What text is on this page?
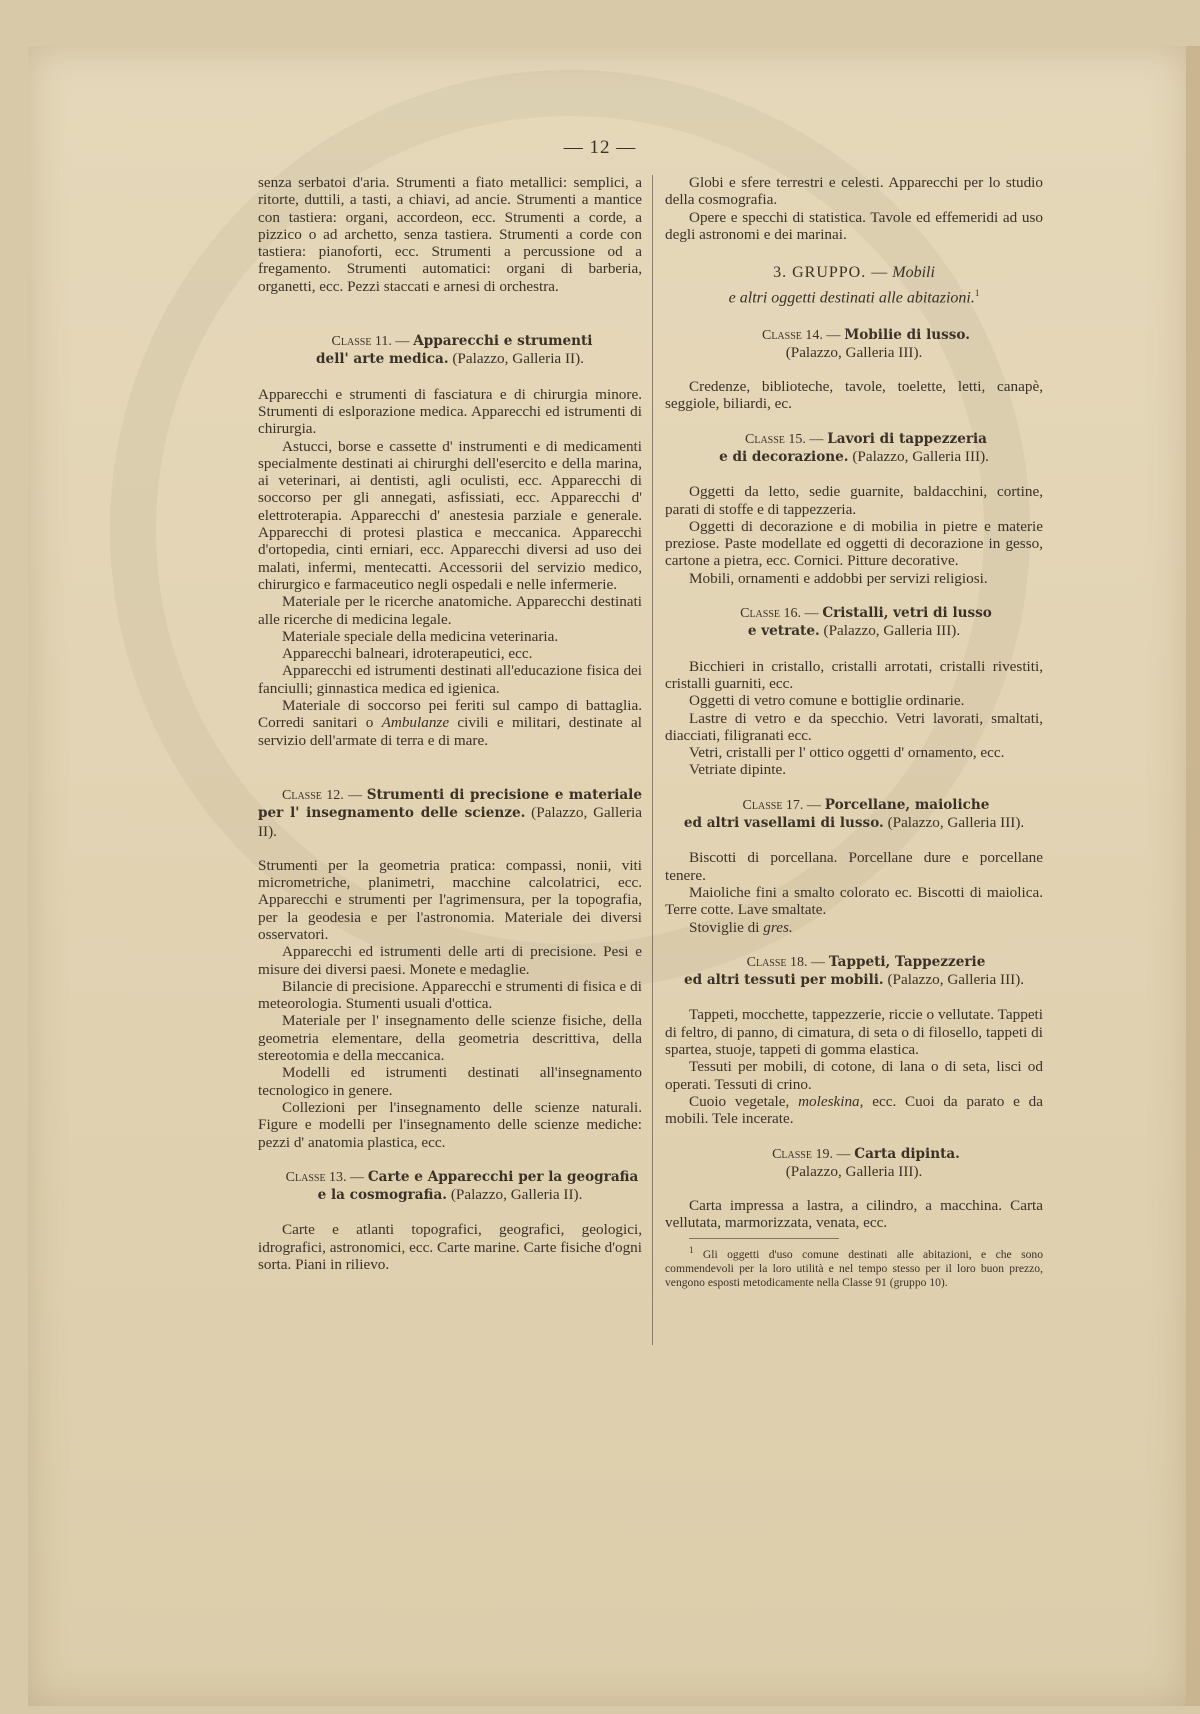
— 12 —

senza serbatoi d'aria. Strumenti a fiato metallici: semplici, a ritorte, duttili, a tasti, a chiavi, ad ancie. Strumenti a mantice con tastiera: organi, accordeon, ecc. Strumenti a corde, a pizzico o ad archetto, senza tastiera. Strumenti a corde con tastiera: pianoforti, ecc. Strumenti a percussione od a fregamento. Strumenti automatici: organi di barberia, organetti, ecc. Pezzi staccati e arnesi di orchestra.

Classe 11. — Apparecchi e strumenti
dell' arte medica. (Palazzo, Galleria II).

Apparecchi e strumenti di fasciatura e di chirurgia minore. Strumenti di eslporazione medica. Apparecchi ed istrumenti di chirurgia.

Astucci, borse e cassette d' instrumenti e di medicamenti specialmente destinati ai chirurghi dell'esercito e della marina, ai veterinari, ai dentisti, agli oculisti, ecc. Apparecchi di soccorso per gli annegati, asfissiati, ecc. Apparecchi d' elettroterapia. Apparecchi d' anestesia parziale e generale. Apparecchi di protesi plastica e meccanica. Apparecchi d'ortopedia, cinti erniari, ecc. Apparecchi diversi ad uso dei malati, infermi, mentecatti. Accessorii del servizio medico, chirurgico e farmaceutico negli ospedali e nelle infermerie.

Materiale per le ricerche anatomiche. Apparecchi destinati alle ricerche di medicina legale.

Materiale speciale della medicina veterinaria.

Apparecchi balneari, idroterapeutici, ecc.

Apparecchi ed istrumenti destinati all'educazione fisica dei fanciulli; ginnastica medica ed igienica.

Materiale di soccorso pei feriti sul campo di battaglia. Corredi sanitari o Ambulanze civili e militari, destinate al servizio dell'armate di terra e di mare.

Classe 12. — Strumenti di precisione e materiale per l' insegnamento delle scienze. (Palazzo, Galleria II).

Strumenti per la geometria pratica: compassi, nonii, viti micrometriche, planimetri, macchine calcolatrici, ecc. Apparecchi e strumenti per l'agrimensura, per la topografia, per la geodesia e per l'astronomia. Materiale dei diversi osservatori.

Apparecchi ed istrumenti delle arti di precisione. Pesi e misure dei diversi paesi. Monete e medaglie.

Bilancie di precisione. Apparecchi e strumenti di fisica e di meteorologia. Stumenti usuali d'ottica.

Materiale per l' insegnamento delle scienze fisiche, della geometria elementare, della geometria descrittiva, della stereotomia e della meccanica.

Modelli ed istrumenti destinati all'insegnamento tecnologico in genere.

Collezioni per l'insegnamento delle scienze naturali. Figure e modelli per l'insegnamento delle scienze mediche: pezzi d' anatomia plastica, ecc.

Classe 13. — Carte e Apparecchi per la geografia
e la cosmografia. (Palazzo, Galleria II).

Carte e atlanti topografici, geografici, geologici, idrografici, astronomici, ecc. Carte marine. Carte fisiche d'ogni sorta. Piani in rilievo.

Globi e sfere terrestri e celesti. Apparecchi per lo studio della cosmografia.

Opere e specchi di statistica. Tavole ed effemeridi ad uso degli astronomi e dei marinai.

3. GRUPPO. — Mobili
e altri oggetti destinati alle abitazioni.$^1$

Classe 14. — Mobilie di lusso.
(Palazzo, Galleria III).

Credenze, biblioteche, tavole, toelette, letti, canapè, seggiole, biliardi, ec.

Classe 15. — Lavori di tappezzeria
e di decorazione. (Palazzo, Galleria III).

Oggetti da letto, sedie guarnite, baldacchini, cortine, parati di stoffe e di tappezzeria.

Oggetti di decorazione e di mobilia in pietre e materie preziose. Paste modellate ed oggetti di decorazione in gesso, cartone a pietra, ecc. Cornici. Pitture decorative.

Mobili, ornamenti e addobbi per servizi religiosi.

Classe 16. — Cristalli, vetri di lusso
e vetrate. (Palazzo, Galleria III).

Bicchieri in cristallo, cristalli arrotati, cristalli rivestiti, cristalli guarniti, ecc.

Oggetti di vetro comune e bottiglie ordinarie.

Lastre di vetro e da specchio. Vetri lavorati, smaltati, diacciati, filigranati ecc.

Vetri, cristalli per l' ottico oggetti d' ornamento, ecc.

Vetriate dipinte.

Classe 17. — Porcellane, maioliche
ed altri vasellami di lusso. (Palazzo, Galleria III).

Biscotti di porcellana. Porcellane dure e porcellane tenere.

Maioliche fini a smalto colorato ec. Biscotti di maiolica. Terre cotte. Lave smaltate.

Stoviglie di gres.

Classe 18. — Tappeti, Tappezzerie
ed altri tessuti per mobili. (Palazzo, Galleria III).

Tappeti, mocchette, tappezzerie, riccie o vellutate. Tappeti di feltro, di panno, di cimatura, di seta o di filosello, tappeti di spartea, stuoje, tappeti di gomma elastica.

Tessuti per mobili, di cotone, di lana o di seta, lisci od operati. Tessuti di crino.

Cuoio vegetale, moleskina, ecc. Cuoi da parato e da mobili. Tele incerate.

Classe 19. — Carta dipinta.
(Palazzo, Galleria III).

Carta impressa a lastra, a cilindro, a macchina. Carta vellutata, marmorizzata, venata, ecc.

$^1$ Gli oggetti d'uso comune destinati alle abitazioni, e che sono commendevoli per la loro utilità e nel tempo stesso per il loro buon prezzo, vengono esposti metodicamente nella Classe 91 (gruppo 10).
